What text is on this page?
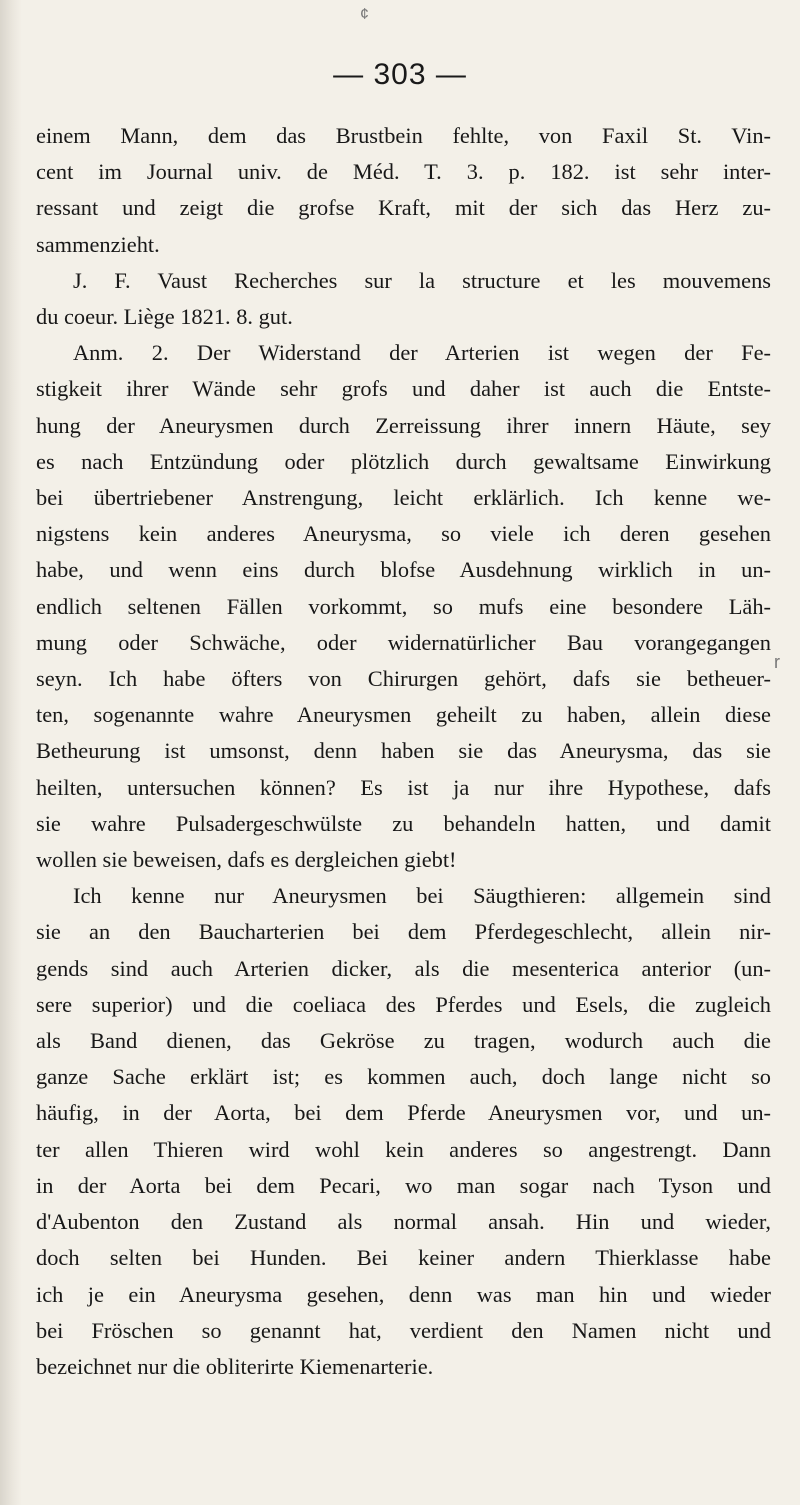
¢
— 303 —
r
einem Mann, dem das Brustbein fehlte, von Faxil St. Vin-
cent im Journal univ. de Méd. T. 3. p. 182. ist sehr inter-
ressant und zeigt die grofse Kraft, mit der sich das Herz zu-
sammenzieht.
J. F. Vaust Recherches sur la structure et les mouvemens
du coeur. Liège 1821. 8. gut.
Anm. 2. Der Widerstand der Arterien ist wegen der Fe-
stigkeit ihrer Wände sehr grofs und daher ist auch die Entste-
hung der Aneurysmen durch Zerreissung ihrer innern Häute, sey
es nach Entzündung oder plötzlich durch gewaltsame Einwirkung
bei übertriebener Anstrengung, leicht erklärlich. Ich kenne we-
nigstens kein anderes Aneurysma, so viele ich deren gesehen
habe, und wenn eins durch blofse Ausdehnung wirklich in un-
endlich seltenen Fällen vorkommt, so mufs eine besondere Läh-
mung oder Schwäche, oder widernatürlicher Bau vorangegangen
seyn. Ich habe öfters von Chirurgen gehört, dafs sie betheuer-
ten, sogenannte wahre Aneurysmen geheilt zu haben, allein diese
Betheurung ist umsonst, denn haben sie das Aneurysma, das sie
heilten, untersuchen können? Es ist ja nur ihre Hypothese, dafs
sie wahre Pulsadergeschwülste zu behandeln hatten, und damit
wollen sie beweisen, dafs es dergleichen giebt!
Ich kenne nur Aneurysmen bei Säugthieren: allgemein sind
sie an den Baucharterien bei dem Pferdegeschlecht, allein nir-
gends sind auch Arterien dicker, als die mesenterica anterior (un-
sere superior) und die coeliaca des Pferdes und Esels, die zugleich
als Band dienen, das Gekröse zu tragen, wodurch auch die
ganze Sache erklärt ist; es kommen auch, doch lange nicht so
häufig, in der Aorta, bei dem Pferde Aneurysmen vor, und un-
ter allen Thieren wird wohl kein anderes so angestrengt. Dann
in der Aorta bei dem Pecari, wo man sogar nach Tyson und
d'Aubenton den Zustand als normal ansah. Hin und wieder,
doch selten bei Hunden. Bei keiner andern Thierklasse habe
ich je ein Aneurysma gesehen, denn was man hin und wieder
bei Fröschen so genannt hat, verdient den Namen nicht und
bezeichnet nur die obliterirte Kiemenarterie.
